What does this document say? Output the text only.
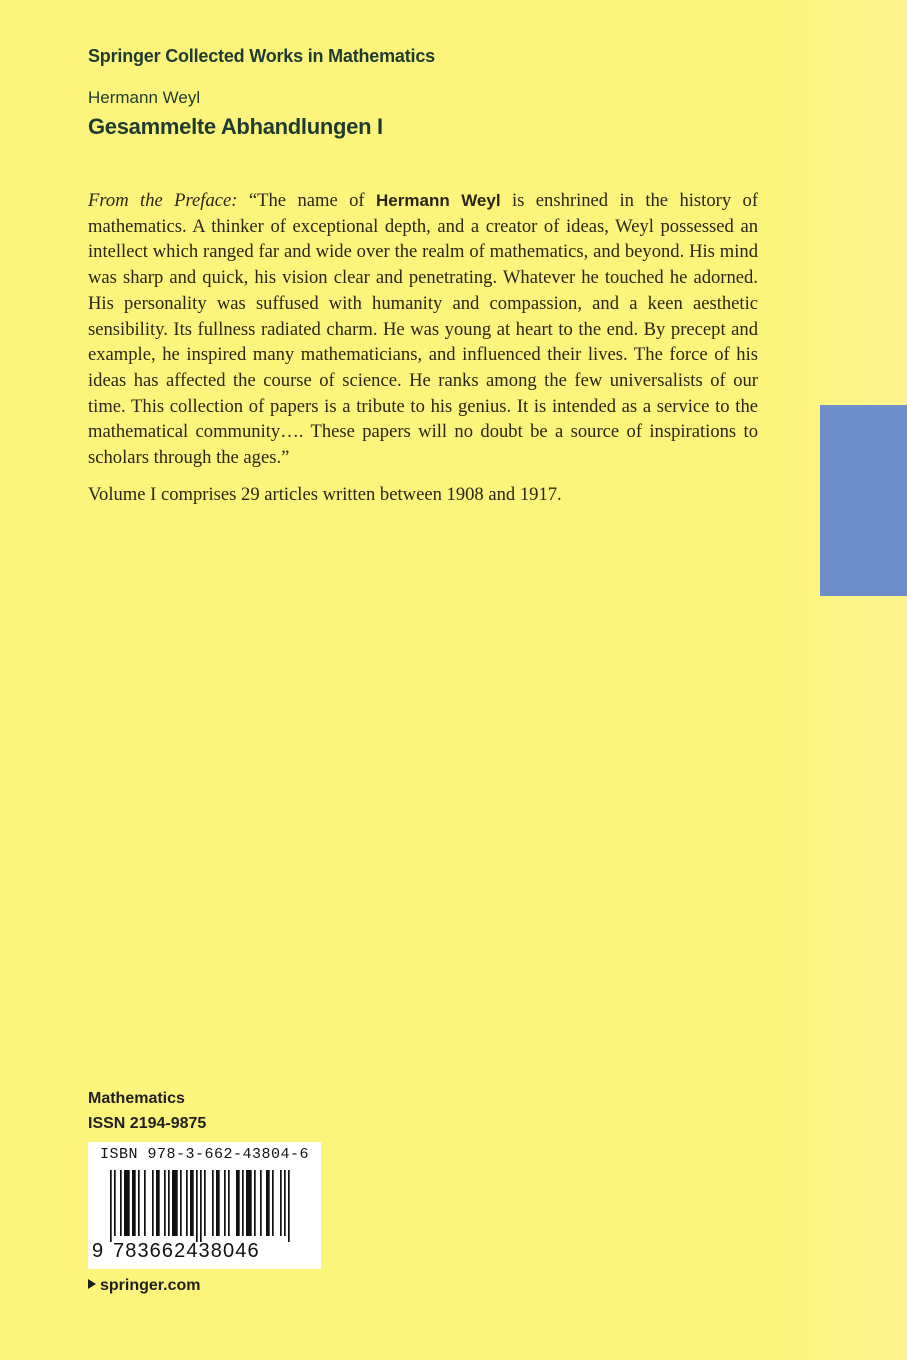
Springer Collected Works in Mathematics
Hermann Weyl
Gesammelte Abhandlungen I

From the Preface: “The name of Hermann Weyl is enshrined in the history of mathematics. A thinker of exceptional depth, and a creator of ideas, Weyl possessed an intellect which ranged far and wide over the realm of mathematics, and beyond. His mind was sharp and quick, his vision clear and penetrating. Whatever he touched he adorned. His personality was suffused with humanity and compassion, and a keen aesthetic sensibility. Its fullness radiated charm. He was young at heart to the end. By precept and example, he inspired many mathematicians, and influenced their lives. The force of his ideas has affected the course of science. He ranks among the few universalists of our time. This collection of papers is a tribute to his genius. It is intended as a service to the mathematical community…. These papers will no doubt be a source of inspirations to scholars through the ages.”

Volume I comprises 29 articles written between 1908 and 1917.

Mathematics
ISSN 2194-9875
ISBN 978-3-662-43804-6
9 783662438046
springer.com
